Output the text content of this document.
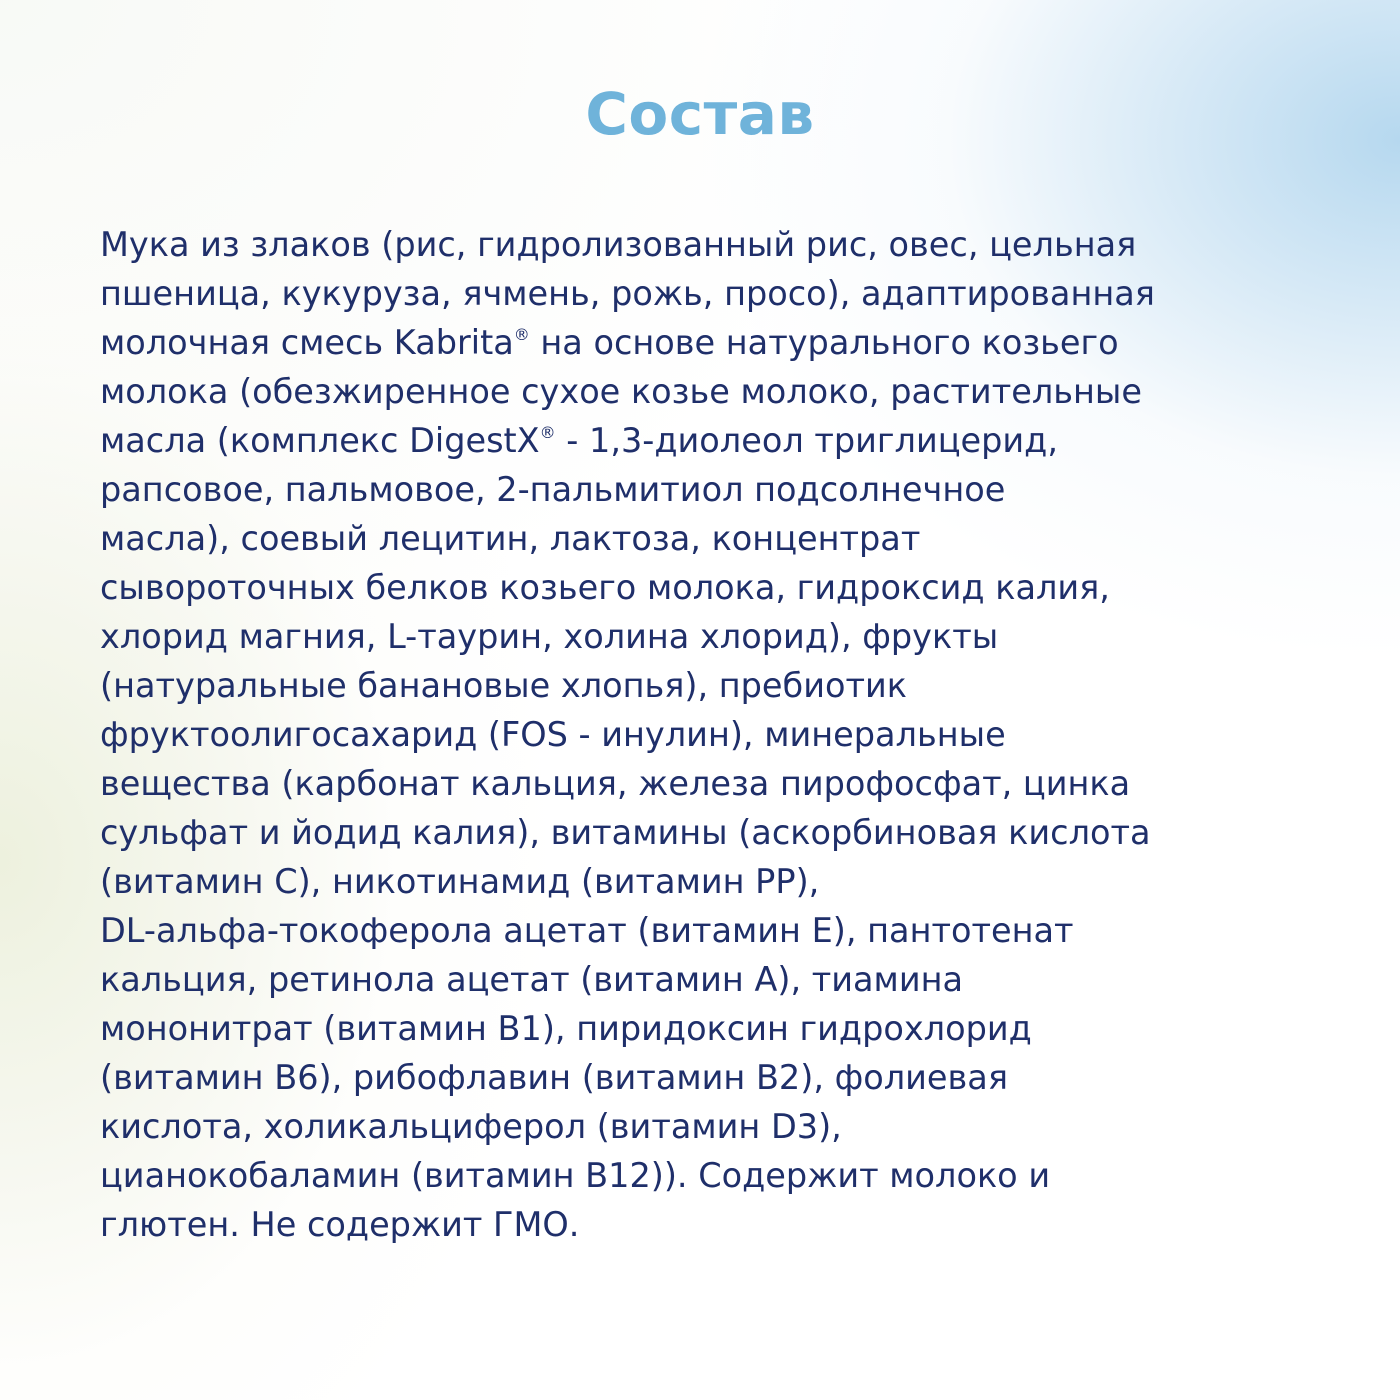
Состав
Мука из злаков (рис, гидролизованный рис, овес, цельная
пшеница, кукуруза, ячмень, рожь, просо), адаптированная
молочная смесь Kabrita® на основе натурального козьего
молока (обезжиренное сухое козье молоко, растительные
масла (комплекс DigestX® - 1,3-диолеол триглицерид,
рапсовое, пальмовое, 2-пальмитиол подсолнечное
масла), соевый лецитин, лактоза, концентрат
сывороточных белков козьего молока, гидроксид калия,
хлорид магния, L-таурин, холина хлорид), фрукты
(натуральные банановые хлопья), пребиотик
фруктоолигосахарид (FOS - инулин), минеральные
вещества (карбонат кальция, железа пирофосфат, цинка
сульфат и йодид калия), витамины (аскорбиновая кислота
(витамин С), никотинамид (витамин РР),
DL-альфа-токоферола ацетат (витамин Е), пантотенат
кальция, ретинола ацетат (витамин А), тиамина
мононитрат (витамин В1), пиридоксин гидрохлорид
(витамин В6), рибофлавин (витамин В2), фолиевая
кислота, холикальциферол (витамин D3),
цианокобаламин (витамин В12)). Содержит молоко и
глютен. Не содержит ГМО.
